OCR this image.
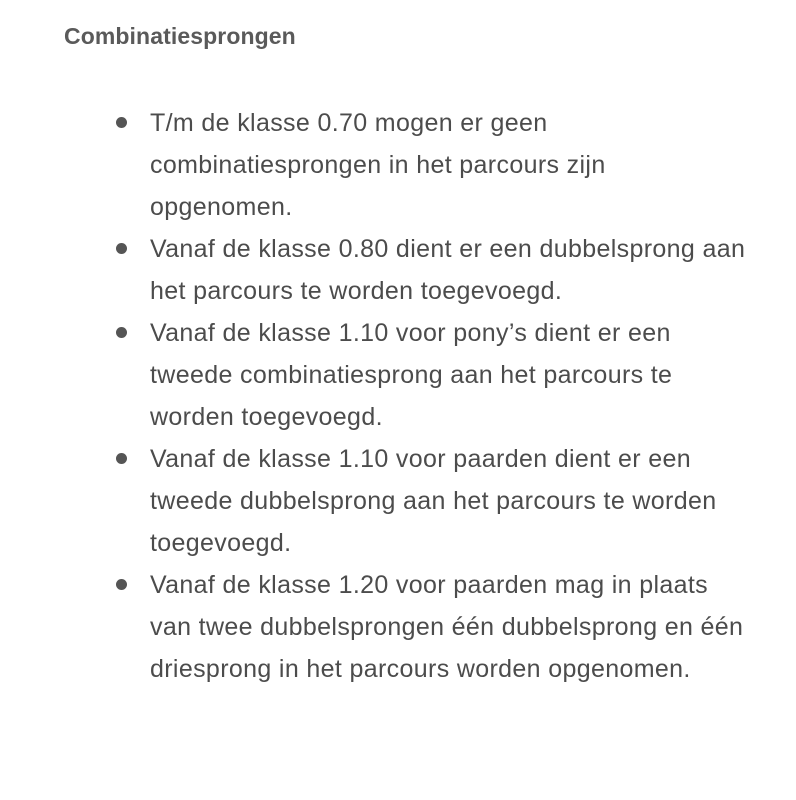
Combinatiesprongen
T/m de klasse 0.70 mogen er geen combinatiesprongen in het parcours zijn opgenomen.
Vanaf de klasse 0.80 dient er een dubbelsprong aan het parcours te worden toegevoegd.
Vanaf de klasse 1.10 voor pony’s dient er een tweede combinatiesprong aan het parcours te worden toegevoegd.
Vanaf de klasse 1.10 voor paarden dient er een tweede dubbelsprong aan het parcours te worden toegevoegd.
Vanaf de klasse 1.20 voor paarden mag in plaats van twee dubbelsprongen één dubbelsprong en één driesprong in het parcours worden opgenomen.
